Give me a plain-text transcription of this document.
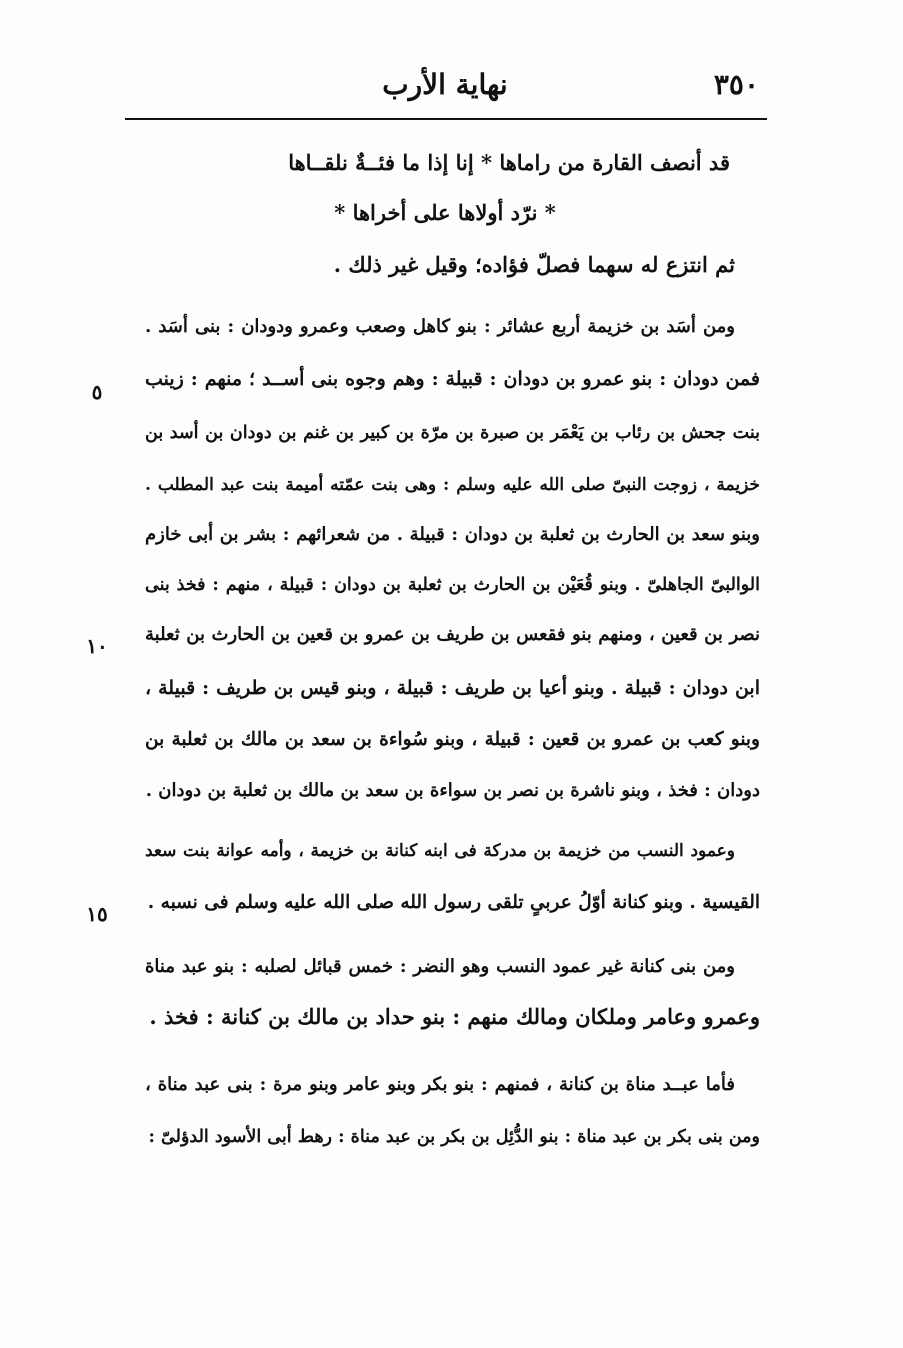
٣٥٠
نهاية الأرب
قد أنصف القارة من راماها * إنا إذا ما فئــةٌ نلقــاها
* نرّد أولاها على أخراها *
ثم انتزع له سهما فصلّ فؤاده؛ وقيل غير ذلك .
ومن أسَد بن خزيمة أربع عشائر : بنو كاهل وصعب وعمرو ودودان : بنى أسَد .
فمن دودان : بنو عمرو بن دودان : قبيلة : وهم وجوه بنى أســد ؛ منهم : زينب
بنت جحش بن رئاب بن يَعْمَر بن صبرة بن مرّة بن كبير بن غنم بن دودان بن أسد بن
خزيمة ، زوجت النبىّ صلى الله عليه وسلم : وهى بنت عمّته أميمة بنت عبد المطلب .
وبنو سعد بن الحارث بن ثعلبة بن دودان : قبيلة . من شعرائهم : بشر بن أبى خازم
الوالبىّ الجاهلىّ . وبنو قُعَيْن بن الحارث بن ثعلبة بن دودان : قبيلة ، منهم : فخذ بنى
نصر بن قعين ، ومنهم بنو فقعس بن طريف بن عمرو بن قعين بن الحارث بن ثعلبة
ابن دودان : قبيلة . وبنو أعيا بن طريف : قبيلة ، وبنو قيس بن طريف : قبيلة ،
وبنو كعب بن عمرو بن قعين : قبيلة ، وبنو سُواءة بن سعد بن مالك بن ثعلبة بن
دودان : فخذ ، وبنو ناشرة بن نصر بن سواءة بن سعد بن مالك بن ثعلبة بن دودان .
وعمود النسب من خزيمة بن مدركة فى ابنه كنانة بن خزيمة ، وأمه عوانة بنت سعد
القيسية . وبنو كنانة أوّلُ عربىٍ تلقى رسول الله صلى الله عليه وسلم فى نسبه .
ومن بنى كنانة غير عمود النسب وهو النضر : خمس قبائل لصلبه : بنو عبد مناة
وعمرو وعامر وملكان ومالك منهم : بنو حداد بن مالك بن كنانة : فخذ .
فأما عبــد مناة بن كنانة ، فمنهم : بنو بكر وبنو عامر وبنو مرة : بنى عبد مناة ،
ومن بنى بكر بن عبد مناة : بنو الدُّئِل بن بكر بن عبد مناة : رهط أبى الأسود الدؤلىّ :
٥
١٠
١٥
